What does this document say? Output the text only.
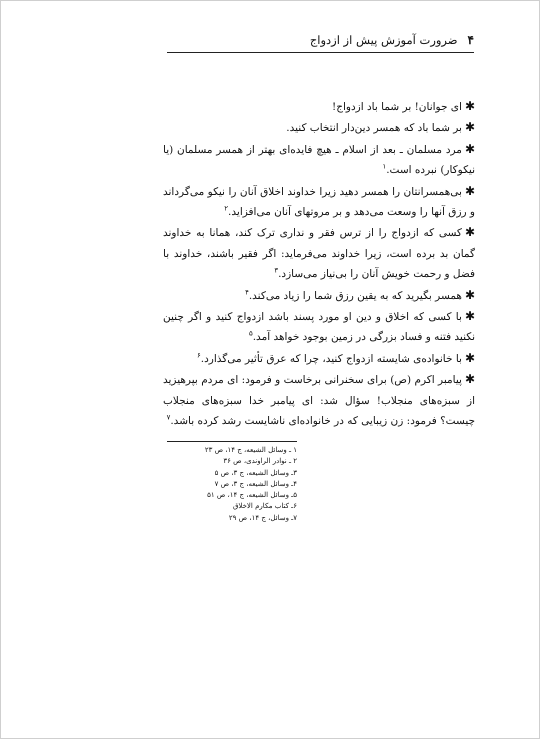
۴
ضرورت آموزش پیش از ازدواج

✱ای جوانان! بر شما باد ازدواج!

✱بر شما باد که همسر دین‌دار انتخاب کنید.

✱مرد مسلمان ـ بعد از اسلام ـ هیچ فایده‌ای بهتر از همسر مسلمان (یا نیکوکار) نبرده است.$^۱$

✱بی‌همسرانتان را همسر دهید زیرا خداوند اخلاق آنان را نیکو می‌گرداند و رزق آنها را وسعت می‌دهد و بر مروتهای آنان می‌افزاید.$^۲$

✱کسی که ازدواج را از ترس فقر و نداری ترک کند، همانا به خداوند گمان بد برده است، زیرا خداوند می‌فرماید: اگر فقیر باشند، خداوند با فضل و رحمت خویش آنان را بی‌نیاز می‌سازد.$^۳$

✱همسر بگیرید که به یقین رزق شما را زیاد می‌کند.$^۴$

✱با کسی که اخلاق و دین او مورد پسند باشد ازدواج کنید و اگر چنین نکنید فتنه و فساد بزرگی در زمین بوجود خواهد آمد.$^۵$

✱با خانواده‌ی شایسته ازدواج کنید، چرا که عرق تأثیر می‌گذارد.$^۶$

✱پیامبر اکرم (ص) برای سخنرانی برخاست و فرمود: ای مردم بپرهیزید از سبزه‌های منجلاب! سؤال شد: ای پیامبر خدا سبزه‌های منجلاب چیست؟ فرمود: زن زیبایی که در خانواده‌ای ناشایست رشد کرده باشد.$^۷$

۱ ـ وسائل الشیعه، ج ۱۴، ص ۲۳
۲ ـ نوادر الراوندی، ص ۳۶
۳ـ وسائل الشیعه، ج ۳، ص ۵
۴ـ وسائل الشیعه، ج ۳، ص ۷
۵ـ وسائل الشیعه، ج ۱۴، ص ۵۱
۶ـ کتاب مکارم الاخلاق
۷ـ وسائل، ج ۱۴، ص ۲۹
